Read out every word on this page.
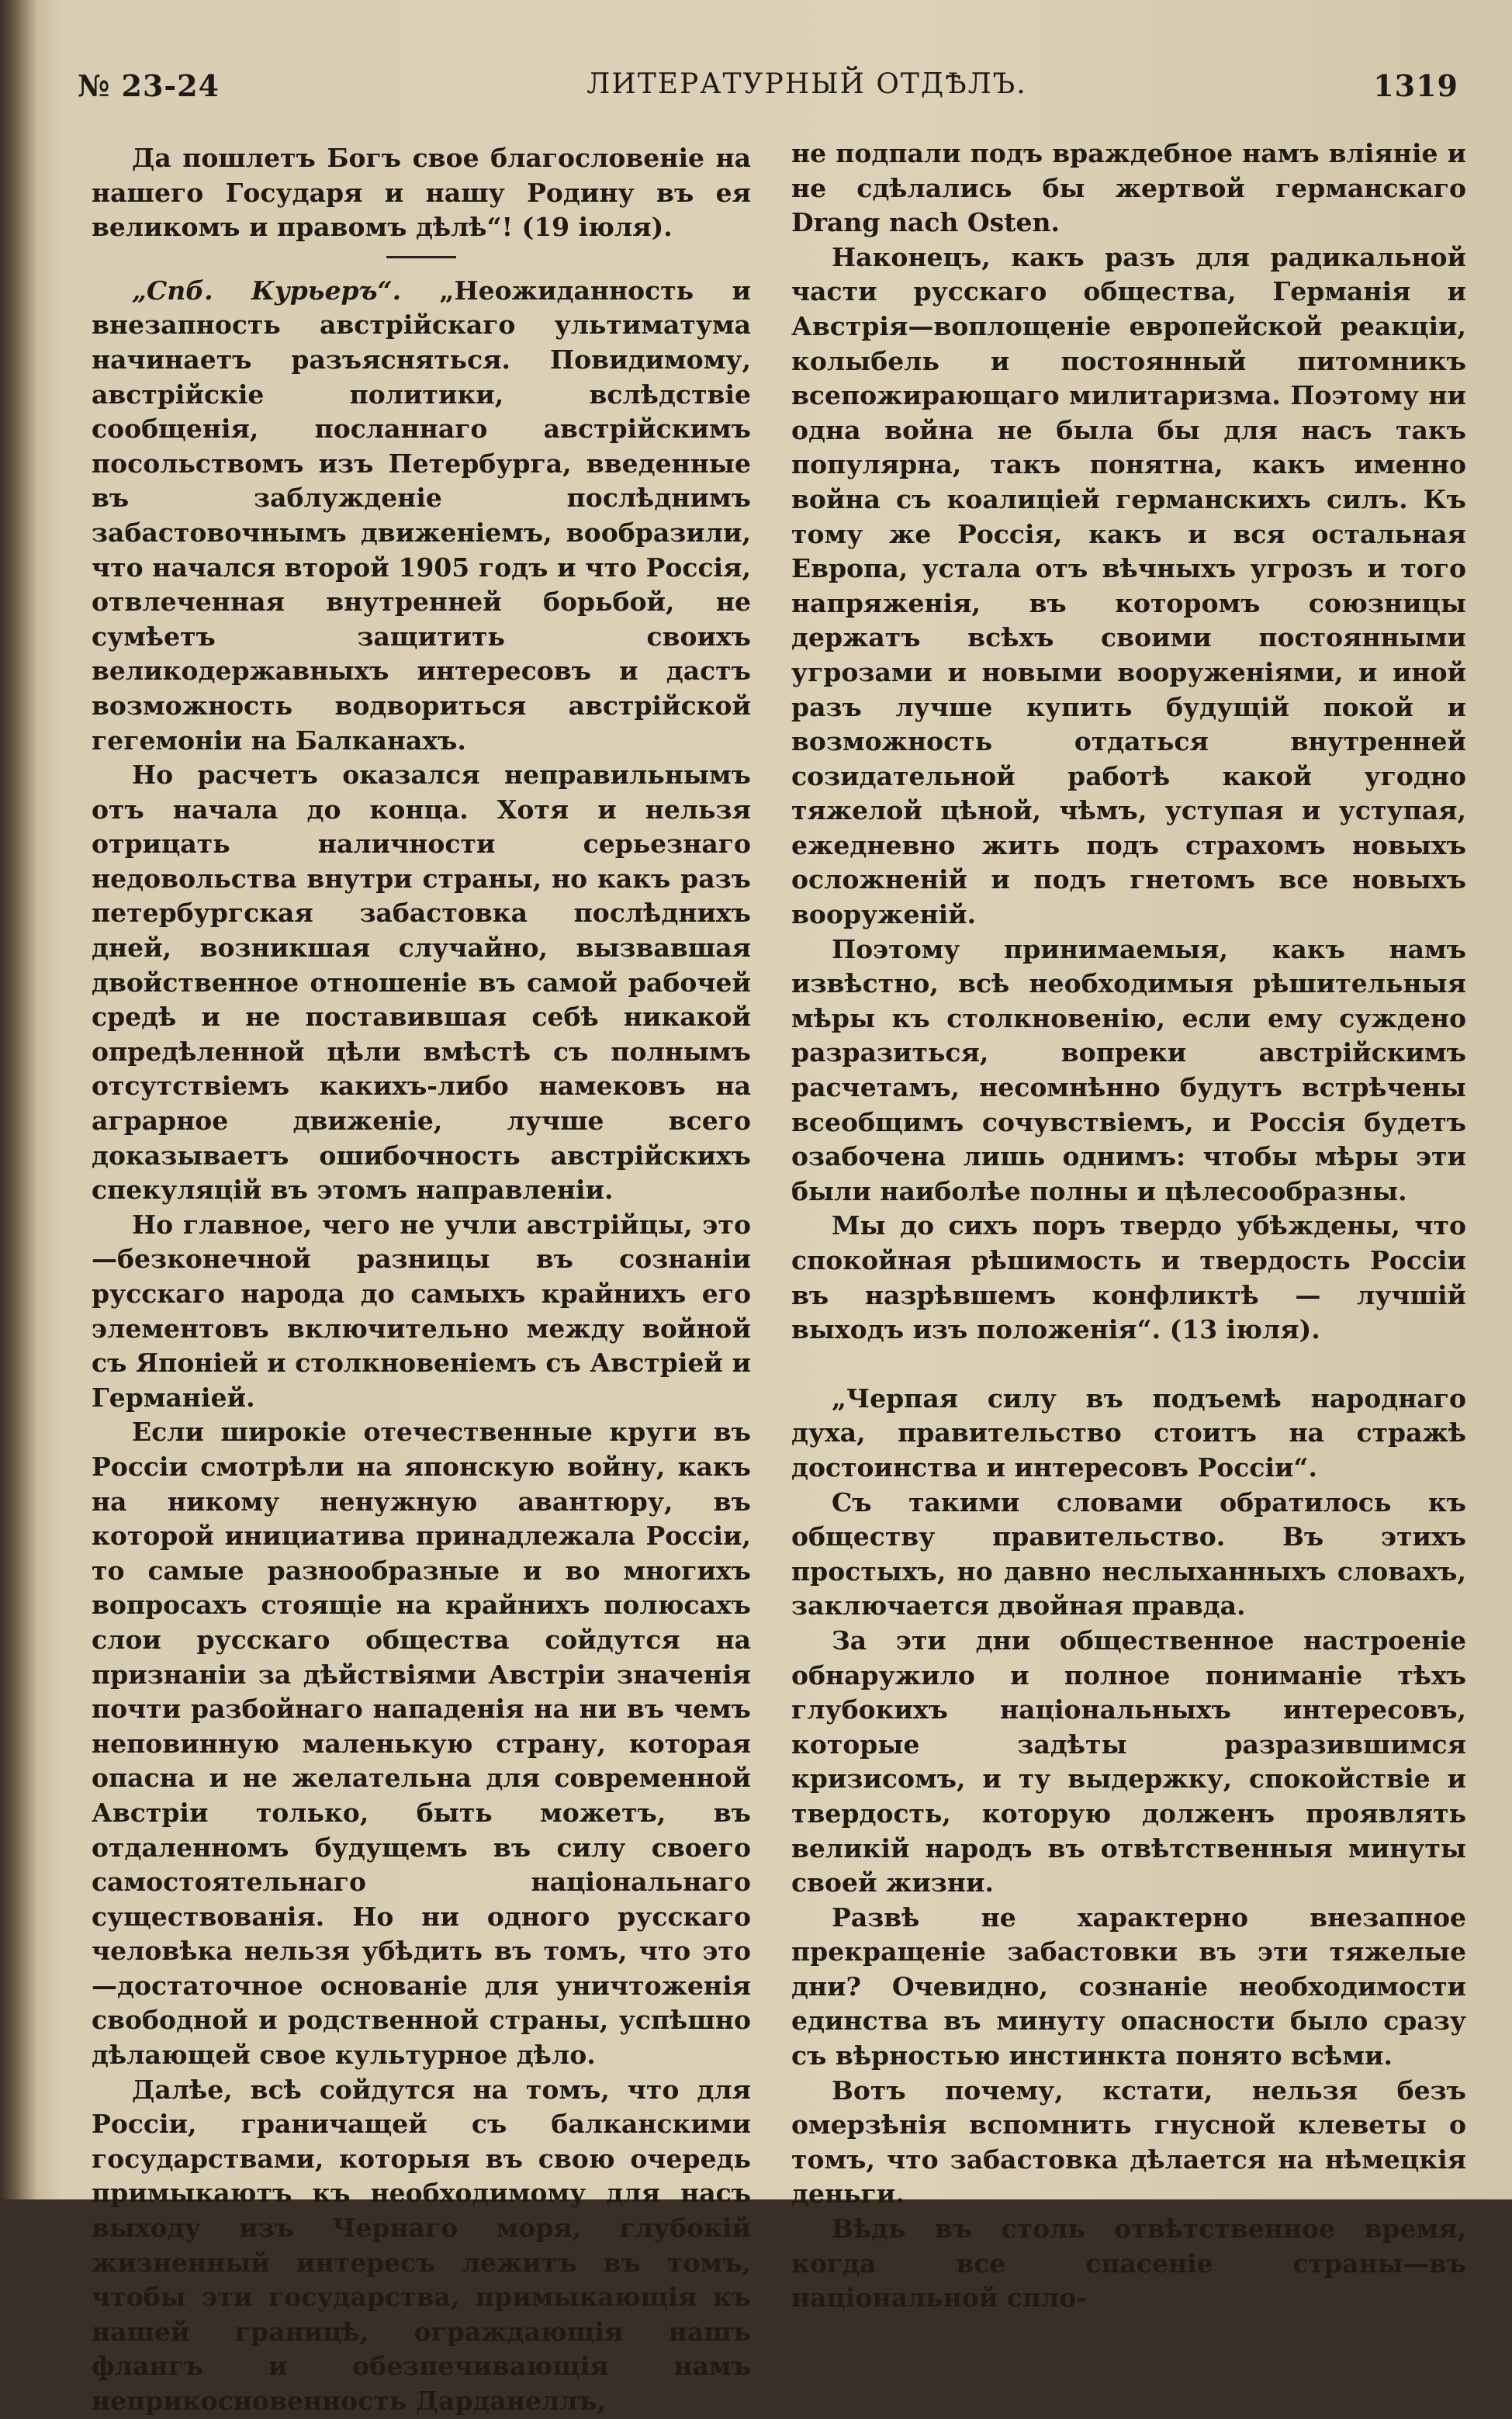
№ 23-24	ЛИТЕРАТУРНЫЙ ОТДѢЛЪ.	1319

Да пошлетъ Богъ свое благословенiе на нашего Государя и нашу Родину въ ея великомъ и правомъ дѣлѣ“! (19 iюля).

„Спб. Курьеръ“. „Неожиданность и внезапность австрiйскаго ультиматума начинаетъ разъясняться. Повидимому, австрiйскiе политики, вслѣдствiе сообщенiя, посланнаго австрiйскимъ посольствомъ изъ Петербурга, введенные въ заблужденiе послѣднимъ забастовочнымъ движенiемъ, вообразили, что начался второй 1905 годъ и что Россiя, отвлеченная внутренней борьбой, не сумѣетъ защитить своихъ великодержавныхъ интересовъ и дастъ возможность водвориться австрiйской гегемонiи на Балканахъ.

Но расчетъ оказался неправильнымъ отъ начала до конца. Хотя и нельзя отрицать наличности серьезнаго недовольства внутри страны, но какъ разъ петербургская забастовка послѣднихъ дней, возникшая случайно, вызвавшая двойственное отношенiе въ самой рабочей средѣ и не поставившая себѣ никакой опредѣленной цѣли вмѣстѣ съ полнымъ отсутствiемъ какихъ-либо намековъ на аграрное движенiе, лучше всего доказываетъ ошибочность австрiйскихъ спекуляцiй въ этомъ направленiи.

Но главное, чего не учли австрiйцы, это—безконечной разницы въ сознанiи русскаго народа до самыхъ крайнихъ его элементовъ включительно между войной съ Японiей и столкновенiемъ съ Австрiей и Германiей.

Если широкiе отечественные круги въ Россiи смотрѣли на японскую войну, какъ на никому ненужную авантюру, въ которой инициатива принадлежала Россiи, то самые разнообразные и во многихъ вопросахъ стоящiе на крайнихъ полюсахъ слои русскаго общества сойдутся на признанiи за дѣйствiями Австрiи значенiя почти разбойнаго нападенiя на ни въ чемъ неповинную маленькую страну, которая опасна и не желательна для современной Австрiи только, быть можетъ, въ отдаленномъ будущемъ въ силу своего самостоятельнаго нацiональнаго существованiя. Но ни одного русскаго человѣка нельзя убѣдить въ томъ, что это—достаточное основанiе для уничтоженiя свободной и родственной страны, успѣшно дѣлающей свое культурное дѣло.

Далѣе, всѣ сойдутся на томъ, что для Россiи, граничащей съ балканскими государствами, которыя въ свою очередь примыкаютъ къ необходимому для насъ выходу изъ Чернаго моря, глубокiй жизненный интересъ лежитъ въ томъ, чтобы эти государства, примыкающiя къ нашей границѣ, ограждающiя нашъ флангъ и обезпечивающiя намъ неприкосновенность Дарданеллъ,

не подпали подъ враждебное намъ влiянiе и не сдѣлались бы жертвой германскаго Drang nach Osten.

Наконецъ, какъ разъ для радикальной части русскаго общества, Германiя и Австрiя—воплощенiе европейской реакцiи, колыбель и постоянный питомникъ всепожирающаго милитаризма. Поэтому ни одна война не была бы для насъ такъ популярна, такъ понятна, какъ именно война съ коалицiей германскихъ силъ. Къ тому же Россiя, какъ и вся остальная Европа, устала отъ вѣчныхъ угрозъ и того напряженiя, въ которомъ союзницы держатъ всѣхъ своими постоянными угрозами и новыми вооруженiями, и иной разъ лучше купить будущiй покой и возможность отдаться внутренней созидательной работѣ какой угодно тяжелой цѣной, чѣмъ, уступая и уступая, ежедневно жить подъ страхомъ новыхъ осложненiй и подъ гнетомъ все новыхъ вооруженiй.

Поэтому принимаемыя, какъ намъ извѣстно, всѣ необходимыя рѣшительныя мѣры къ столкновенiю, если ему суждено разразиться, вопреки австрiйскимъ расчетамъ, несомнѣнно будутъ встрѣчены всеобщимъ сочувствiемъ, и Россiя будетъ озабочена лишь однимъ: чтобы мѣры эти были наиболѣе полны и цѣлесообразны.

Мы до сихъ поръ твердо убѣждены, что спокойная рѣшимость и твердость Россiи въ назрѣвшемъ конфликтѣ — лучшiй выходъ изъ положенiя“. (13 iюля).

„Черпая силу въ подъемѣ народнаго духа, правительство стоитъ на стражѣ достоинства и интересовъ Россiи“.

Съ такими словами обратилось къ обществу правительство. Въ этихъ простыхъ, но давно неслыханныхъ словахъ, заключается двойная правда.

За эти дни общественное настроенiе обнаружило и полное пониманiе тѣхъ глубокихъ нацiональныхъ интересовъ, которые задѣты разразившимся кризисомъ, и ту выдержку, спокойствiе и твердость, которую долженъ проявлять великiй народъ въ отвѣтственныя минуты своей жизни.

Развѣ не характерно внезапное прекращенiе забастовки въ эти тяжелые дни? Очевидно, сознанiе необходимости единства въ минуту опасности было сразу съ вѣрностью инстинкта понято всѣми.

Вотъ почему, кстати, нельзя безъ омерзѣнiя вспомнить гнусной клеветы о томъ, что забастовка дѣлается на нѣмецкiя деньги.

Вѣдь въ столь отвѣтственное время, когда все спасенiе страны—въ нацiональной спло-
